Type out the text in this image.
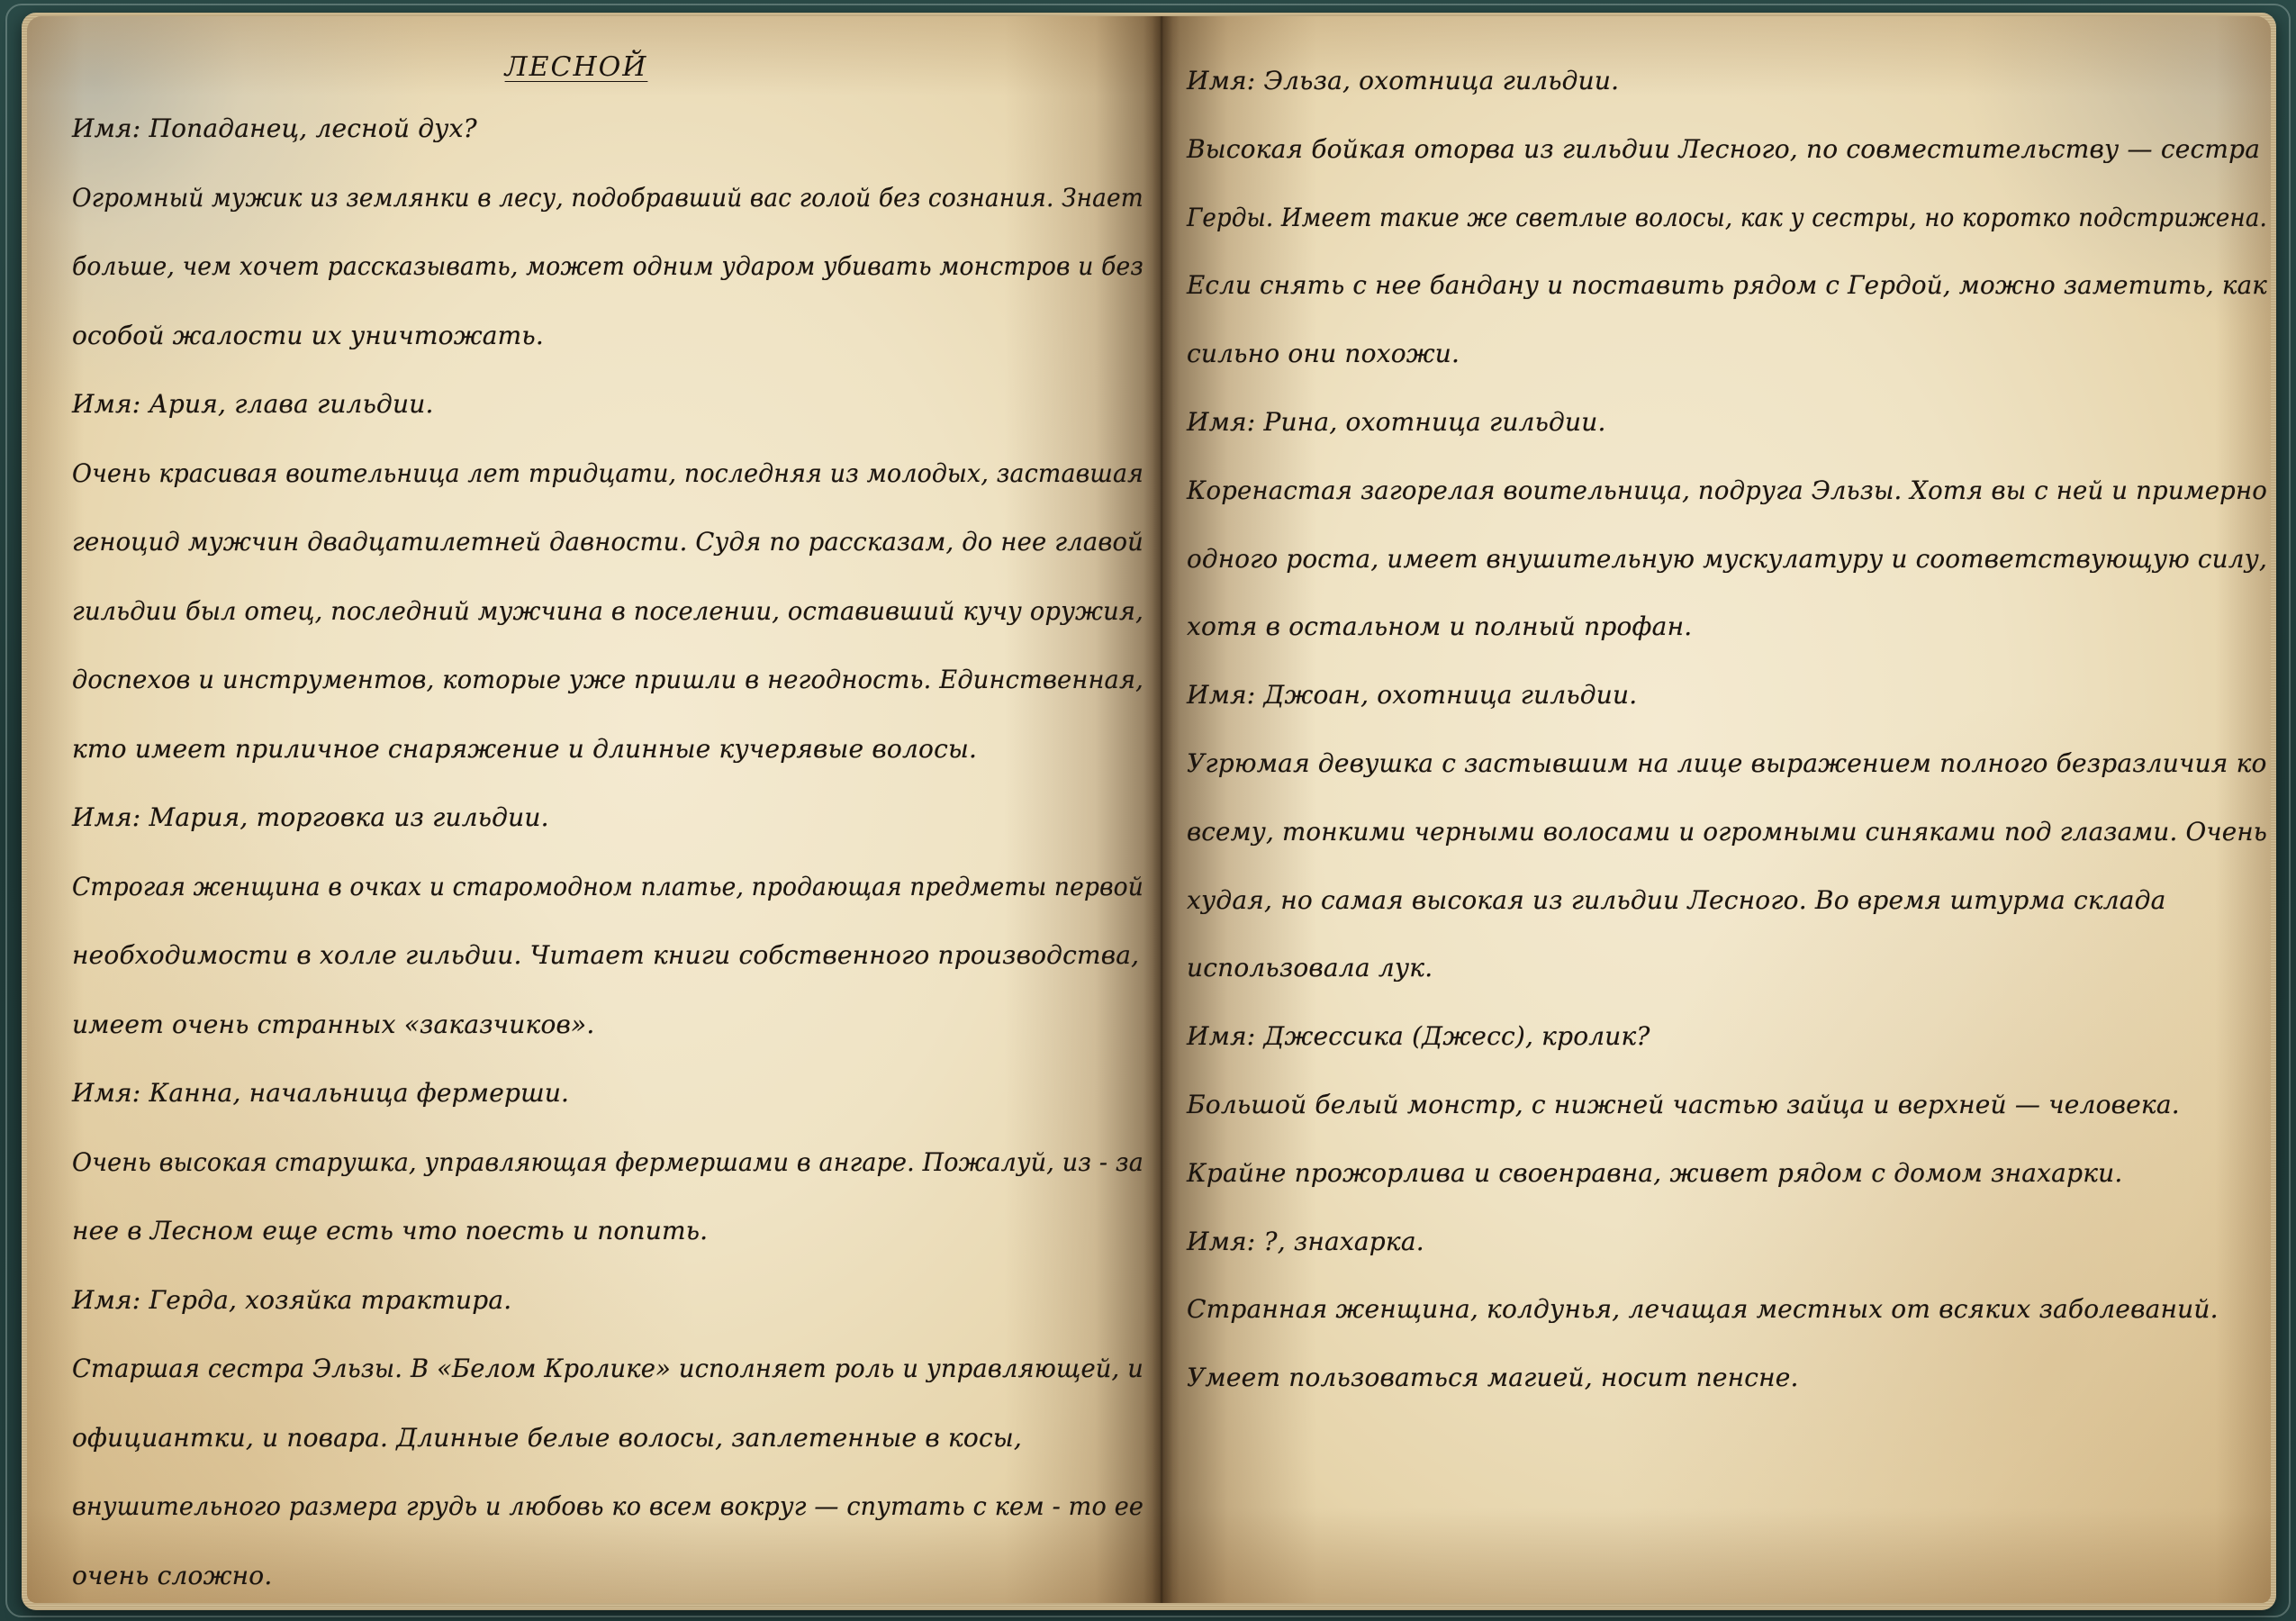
ЛЕСНОЙ
Имя: Попаданец, лесной дух?
Огромный мужик из землянки в лесу, подобравший вас голой без сознания. Знает
больше, чем хочет рассказывать, может одним ударом убивать монстров и без
особой жалости их уничтожать.
Имя: Ария, глава гильдии.
Очень красивая воительница лет тридцати, последняя из молодых, заставшая
геноцид мужчин двадцатилетней давности. Судя по рассказам, до нее главой
гильдии был отец, последний мужчина в поселении, оставивший кучу оружия,
доспехов и инструментов, которые уже пришли в негодность. Единственная,
кто имеет приличное снаряжение и длинные кучерявые волосы.
Имя: Мария, торговка из гильдии.
Строгая женщина в очках и старомодном платье, продающая предметы первой
необходимости в холле гильдии. Читает книги собственного производства,
имеет очень странных «заказчиков».
Имя: Канна, начальница фермерши.
Очень высокая старушка, управляющая фермершами в ангаре. Пожалуй, из - за
нее в Лесном еще есть что поесть и попить.
Имя: Герда, хозяйка трактира.
Старшая сестра Эльзы. В «Белом Кролике» исполняет роль и управляющей, и
официантки, и повара. Длинные белые волосы, заплетенные в косы,
внушительного размера грудь и любовь ко всем вокруг — спутать с кем - то ее
очень сложно.
Имя: Эльза, охотница гильдии.
Высокая бойкая оторва из гильдии Лесного, по совместительству — сестра
Герды. Имеет такие же светлые волосы, как у сестры, но коротко подстрижена.
Если снять с нее бандану и поставить рядом с Гердой, можно заметить, как
сильно они похожи.
Имя: Рина, охотница гильдии.
Коренастая загорелая воительница, подруга Эльзы. Хотя вы с ней и примерно
одного роста, имеет внушительную мускулатуру и соответствующую силу,
хотя в остальном и полный профан.
Имя: Джоан, охотница гильдии.
Угрюмая девушка с застывшим на лице выражением полного безразличия ко
всему, тонкими черными волосами и огромными синяками под глазами. Очень
худая, но самая высокая из гильдии Лесного. Во время штурма склада
использовала лук.
Имя: Джессика (Джесс), кролик?
Большой белый монстр, с нижней частью зайца и верхней — человека.
Крайне прожорлива и своенравна, живет рядом с домом знахарки.
Имя: ?, знахарка.
Странная женщина, колдунья, лечащая местных от всяких заболеваний.
Умеет пользоваться магией, носит пенсне.
